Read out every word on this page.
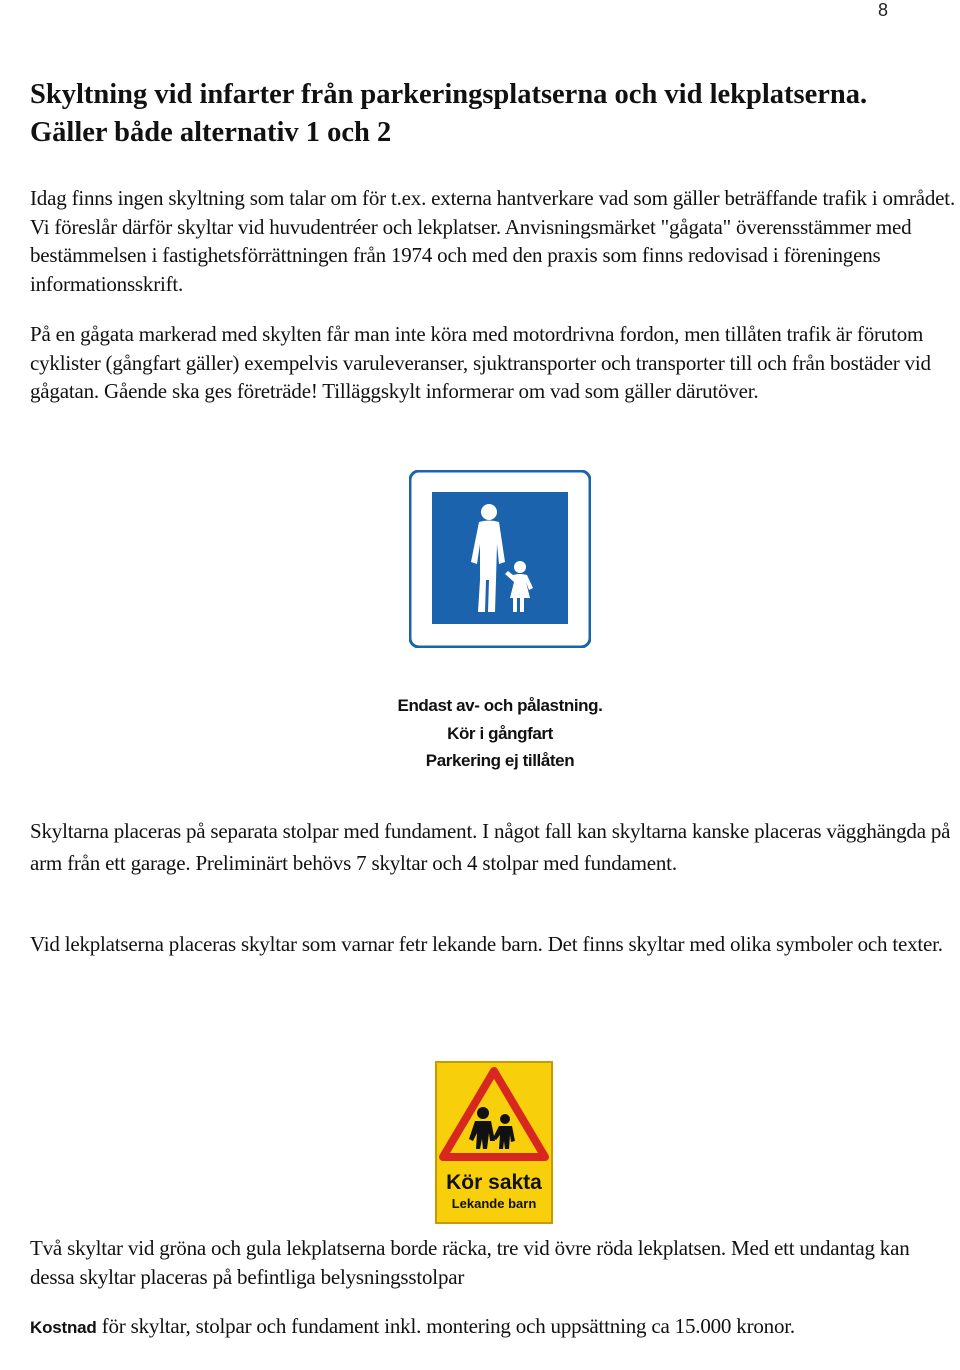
8
Skyltning vid infarter från parkeringsplatserna och vid lekplatserna. Gäller både alternativ 1 och 2

Idag finns ingen skyltning som talar om för t.ex. externa hantverkare vad som gäller beträffande trafik i området. Vi föreslår därför skyltar vid huvudentréer och lekplatser. Anvisningsmärket "gågata" överensstämmer med bestämmelsen i fastighetsförrättningen från 1974 och med den praxis som finns redovisad i föreningens informationsskrift.

På en gågata markerad med skylten får man inte köra med motordrivna fordon, men tillåten trafik är förutom cyklister (gångfart gäller) exempelvis varuleveranser, sjuktransporter och transporter till och från bostäder vid gågatan. Gående ska ges företräde! Tilläggskylt informerar om vad som gäller därutöver.

Endast av- och pålastning.
Kör i gångfart
Parkering ej tillåten

Skyltarna placeras på separata stolpar med fundament. I något fall kan skyltarna kanske placeras vägghängda på arm från ett garage. Preliminärt behövs 7 skyltar och 4 stolpar med fundament.

Vid lekplatserna placeras skyltar som varnar fetr lekande barn. Det finns skyltar med olika symboler och texter.

Kör sakta
Lekande barn

Två skyltar vid gröna och gula lekplatserna borde räcka, tre vid övre röda lekplatsen. Med ett undantag kan dessa skyltar placeras på befintliga belysningsstolpar

Kostnad för skyltar, stolpar och fundament inkl. montering och uppsättning ca 15.000 kronor.
